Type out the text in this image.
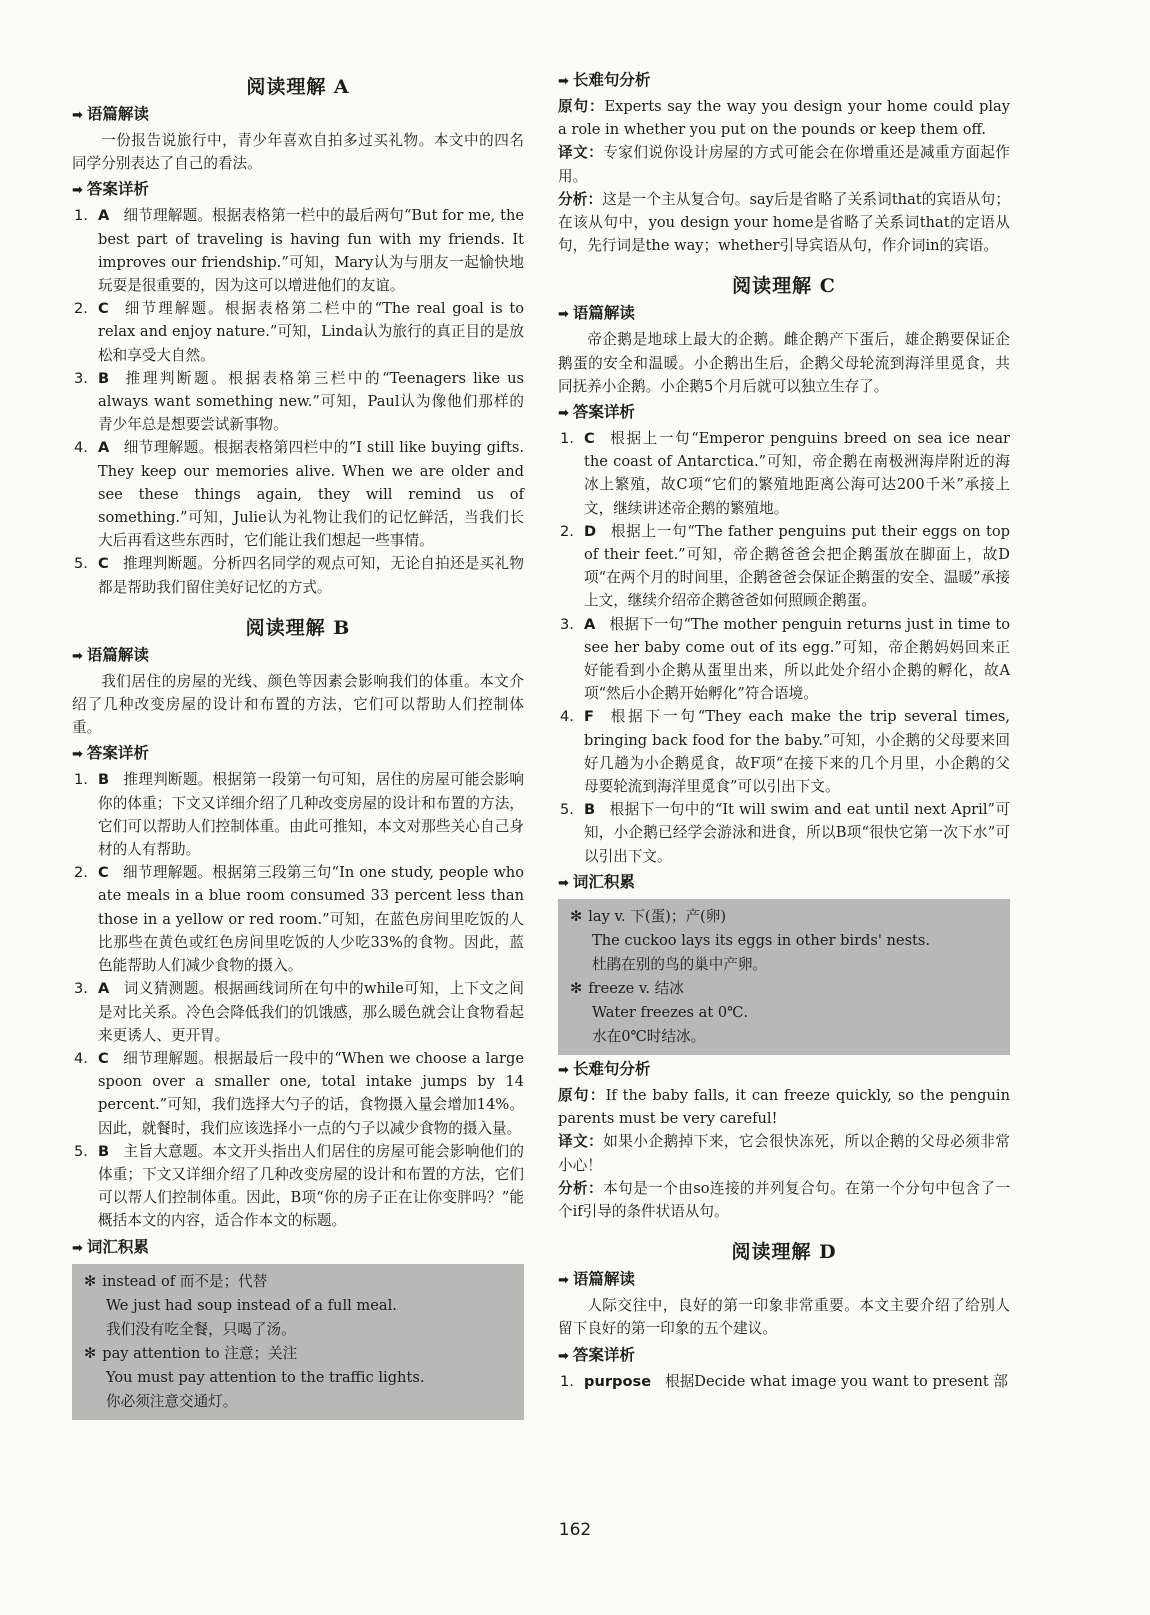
阅读理解 A
➡ 语篇解读

一份报告说旅行中，青少年喜欢自拍多过买礼物。本文中的四名同学分别表达了自己的看法。

➡ 答案详析
1. A 细节理解题。根据表格第一栏中的最后两句“But for me, the best part of traveling is having fun with my friends. It improves our friendship.”可知，Mary认为与朋友一起愉快地玩耍是很重要的，因为这可以增进他们的友谊。
2. C 细节理解题。根据表格第二栏中的“The real goal is to relax and enjoy nature.”可知，Linda认为旅行的真正目的是放松和享受大自然。
3. B 推理判断题。根据表格第三栏中的“Teenagers like us always want something new.”可知，Paul认为像他们那样的青少年总是想要尝试新事物。
4. A 细节理解题。根据表格第四栏中的“I still like buying gifts. They keep our memories alive. When we are older and see these things again, they will remind us of something.”可知，Julie认为礼物让我们的记忆鲜活，当我们长大后再看这些东西时，它们能让我们想起一些事情。
5. C 推理判断题。分析四名同学的观点可知，无论自拍还是买礼物都是帮助我们留住美好记忆的方式。
阅读理解 B
➡ 语篇解读

我们居住的房屋的光线、颜色等因素会影响我们的体重。本文介绍了几种改变房屋的设计和布置的方法，它们可以帮助人们控制体重。

➡ 答案详析
1. B 推理判断题。根据第一段第一句可知，居住的房屋可能会影响你的体重；下文又详细介绍了几种改变房屋的设计和布置的方法，它们可以帮助人们控制体重。由此可推知，本文对那些关心自己身材的人有帮助。
2. C 细节理解题。根据第三段第三句“In one study, people who ate meals in a blue room consumed 33 percent less than those in a yellow or red room.”可知，在蓝色房间里吃饭的人比那些在黄色或红色房间里吃饭的人少吃33%的食物。因此，蓝色能帮助人们减少食物的摄入。
3. A 词义猜测题。根据画线词所在句中的while可知，上下文之间是对比关系。冷色会降低我们的饥饿感，那么暖色就会让食物看起来更诱人、更开胃。
4. C 细节理解题。根据最后一段中的“When we choose a large spoon over a smaller one, total intake jumps by 14 percent.”可知，我们选择大勺子的话，食物摄入量会增加14%。因此，就餐时，我们应该选择小一点的勺子以减少食物的摄入量。
5. B 主旨大意题。本文开头指出人们居住的房屋可能会影响他们的体重；下文又详细介绍了几种改变房屋的设计和布置的方法，它们可以帮人们控制体重。因此，B项“你的房子正在让你变胖吗？”能概括本文的内容，适合作本文的标题。
➡ 词汇积累
✻ instead of 而不是；代替
We just had soup instead of a full meal.
我们没有吃全餐，只喝了汤。
✻ pay attention to 注意；关注
You must pay attention to the traffic lights.
你必须注意交通灯。
➡ 长难句分析

原句：Experts say the way you design your home could play a role in whether you put on the pounds or keep them off.

译文：专家们说你设计房屋的方式可能会在你增重还是减重方面起作用。

分析：这是一个主从复合句。say后是省略了关系词that的宾语从句；在该从句中，you design your home是省略了关系词that的定语从句，先行词是the way；whether引导宾语从句，作介词in的宾语。

阅读理解 C
➡ 语篇解读

帝企鹅是地球上最大的企鹅。雌企鹅产下蛋后，雄企鹅要保证企鹅蛋的安全和温暖。小企鹅出生后，企鹅父母轮流到海洋里觅食，共同抚养小企鹅。小企鹅5个月后就可以独立生存了。

➡ 答案详析
1. C 根据上一句“Emperor penguins breed on sea ice near the coast of Antarctica.”可知，帝企鹅在南极洲海岸附近的海冰上繁殖，故C项“它们的繁殖地距离公海可达200千米”承接上文，继续讲述帝企鹅的繁殖地。
2. D 根据上一句“The father penguins put their eggs on top of their feet.”可知，帝企鹅爸爸会把企鹅蛋放在脚面上，故D项“在两个月的时间里，企鹅爸爸会保证企鹅蛋的安全、温暖”承接上文，继续介绍帝企鹅爸爸如何照顾企鹅蛋。
3. A 根据下一句“The mother penguin returns just in time to see her baby come out of its egg.”可知，帝企鹅妈妈回来正好能看到小企鹅从蛋里出来，所以此处介绍小企鹅的孵化，故A项“然后小企鹅开始孵化”符合语境。
4. F 根据下一句“They each make the trip several times, bringing back food for the baby.”可知，小企鹅的父母要来回好几趟为小企鹅觅食，故F项“在接下来的几个月里，小企鹅的父母要轮流到海洋里觅食”可以引出下文。
5. B 根据下一句中的“It will swim and eat until next April”可知，小企鹅已经学会游泳和进食，所以B项“很快它第一次下水”可以引出下文。
➡ 词汇积累
✻ lay v. 下(蛋)；产(卵)
The cuckoo lays its eggs in other birds' nests.
杜鹃在别的鸟的巢中产卵。
✻ freeze v. 结冰
Water freezes at 0℃.
水在0℃时结冰。
➡ 长难句分析

原句：If the baby falls, it can freeze quickly, so the penguin parents must be very careful!

译文：如果小企鹅掉下来，它会很快冻死，所以企鹅的父母必须非常小心！

分析：本句是一个由so连接的并列复合句。在第一个分句中包含了一个if引导的条件状语从句。

阅读理解 D
➡ 语篇解读

人际交往中，良好的第一印象非常重要。本文主要介绍了给别人留下良好的第一印象的五个建议。

➡ 答案详析
1. purpose 根据Decide what image you want to present 部
162
